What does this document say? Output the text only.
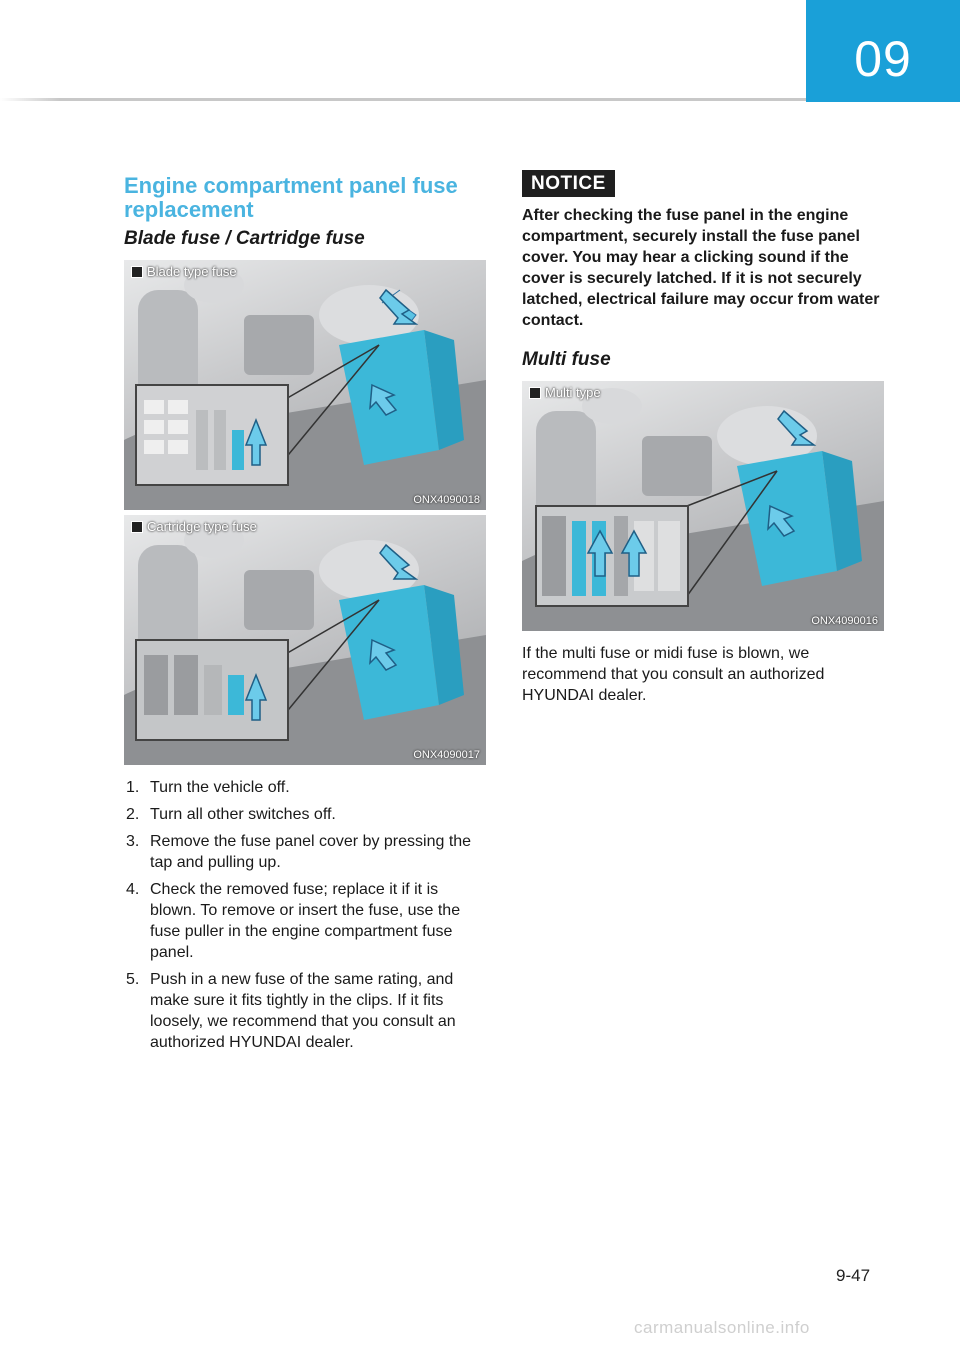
09
Engine compartment panel fuse replacement
Blade fuse / Cartridge fuse
Blade type fuse
ONX4090018
Cartridge type fuse
ONX4090017
1. Turn the vehicle off.
2. Turn all other switches off.
3. Remove the fuse panel cover by pressing the tap and pulling up.
4. Check the removed fuse; replace it if it is blown. To remove or insert the fuse, use the fuse puller in the engine compartment fuse panel.
5. Push in a new fuse of the same rating, and make sure it fits tightly in the clips. If it fits loosely, we recommend that you consult an authorized HYUNDAI dealer.
NOTICE

After checking the fuse panel in the engine compartment, securely install the fuse panel cover. You may hear a clicking sound if the cover is securely latched. If it is not securely latched, electrical failure may occur from water contact.

Multi fuse
Multi type
ONX4090016

If the multi fuse or midi fuse is blown, we recommend that you consult an authorized HYUNDAI dealer.

9-47
carmanualsonline.info
